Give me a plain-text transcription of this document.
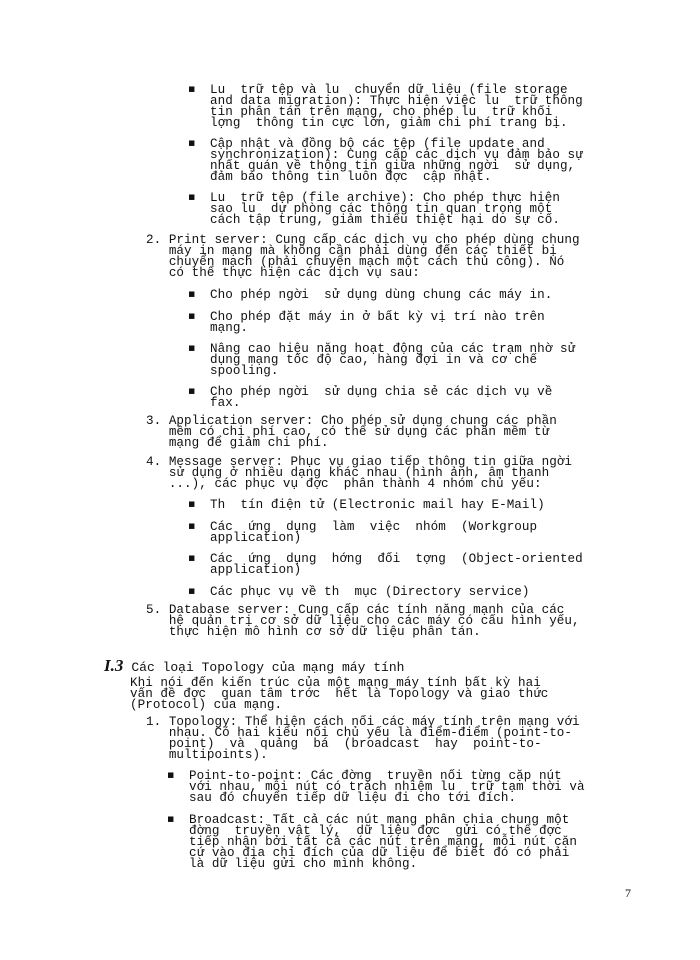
▪ Lu  trữ tệp và lu  chuyển dữ liệu (file storage
and data migration): Thực hiện việc lu  trữ thông
tin phân tán trên mạng, cho phép lu  trữ khối
lợng  thông tin cực lớn, giảm chi phí trang bị.
▪ Cập nhật và đồng bộ các tệp (file update and
synchronization): Cung cấp các dịch vụ đảm bảo sự
nhất quán về thông tin giữa những ngời  sử dụng,
đảm bảo thông tin luôn đợc  cập nhật.
▪ Lu  trữ tệp (file archive): Cho phép thực hiện
sao lu  dự phòng các thông tin quan trọng một
cách tập trung, giảm thiểu thiệt hại do sự cố.
2. Print server: Cung cấp các dịch vụ cho phép dùng chung
máy in mạng mà không cần phải dùng đến các thiết bị
chuyển mạch (phải chuyển mạch một cách thủ công). Nó
có thể thực hiện các dịch vụ sau:
▪ Cho phép ngời  sử dụng dùng chung các máy in.
▪ Cho phép đặt máy in ở bất kỳ vị trí nào trên
mạng.
▪ Nâng cao hiệu năng hoạt động của các trạm nhờ sử
dụng mạng tốc độ cao, hàng đợi in và cơ chế
spooling.
▪ Cho phép ngời  sử dụng chia sẻ các dịch vụ về
fax.
3. Application server: Cho phép sử dụng chung các phần
mềm có chi phí cao, có thể sử dụng các phần mềm từ
mạng để giảm chi phí.
4. Message server: Phục vụ giao tiếp thông tin giữa ngời
sử dụng ở nhiều dạng khác nhau (hình ảnh, âm thanh
...), các phục vụ đợc  phân thành 4 nhóm chủ yếu:
▪ Th  tín điện tử (Electronic mail hay E-Mail)
▪ Các  ứng  dụng  làm  việc  nhóm  (Workgroup
application)
▪ Các  ứng  dụng  hớng  đối  tợng  (Object-oriented
application)
▪ Các phục vụ về th  mục (Directory service)
5. Database server: Cung cấp các tính năng mạnh của các
hệ quản trị cơ sở dữ liệu cho các máy có cấu hình yếu,
thực hiện mô hình cơ sở dữ liệu phân tán.
Khi nói đến kiến trúc của một mạng máy tính bất kỳ hai
vấn đề đợc  quan tâm trớc  hết là Topology và giao thức
(Protocol) của mạng.
1. Topology: Thể hiện cách nối các máy tính trên mạng với
nhau. Có hai kiểu nối chủ yếu là điểm-điểm (point-to-
point)  và  quảng  bá  (broadcast  hay  point-to-
multipoints).
▪ Point-to-point: Các đờng  truyền nối từng cặp nút
với nhau, mỗi nút có trách nhiệm lu  trữ tạm thời và
sau đó chuyển tiếp dữ liệu đi cho tới đích.
▪ Broadcast: Tất cả các nút mạng phân chia chung một
đờng  truyền vật lý,  dữ liệu đợc  gửi có thể đợc
tiếp nhận bởi tất cả các nút trên mạng, mỗi nút căn
cứ vào địa chỉ đích của dữ liệu để biết đó có phải
là dữ liệu gửi cho mình không.
I.3 Các loại Topology của mạng máy tính
7
